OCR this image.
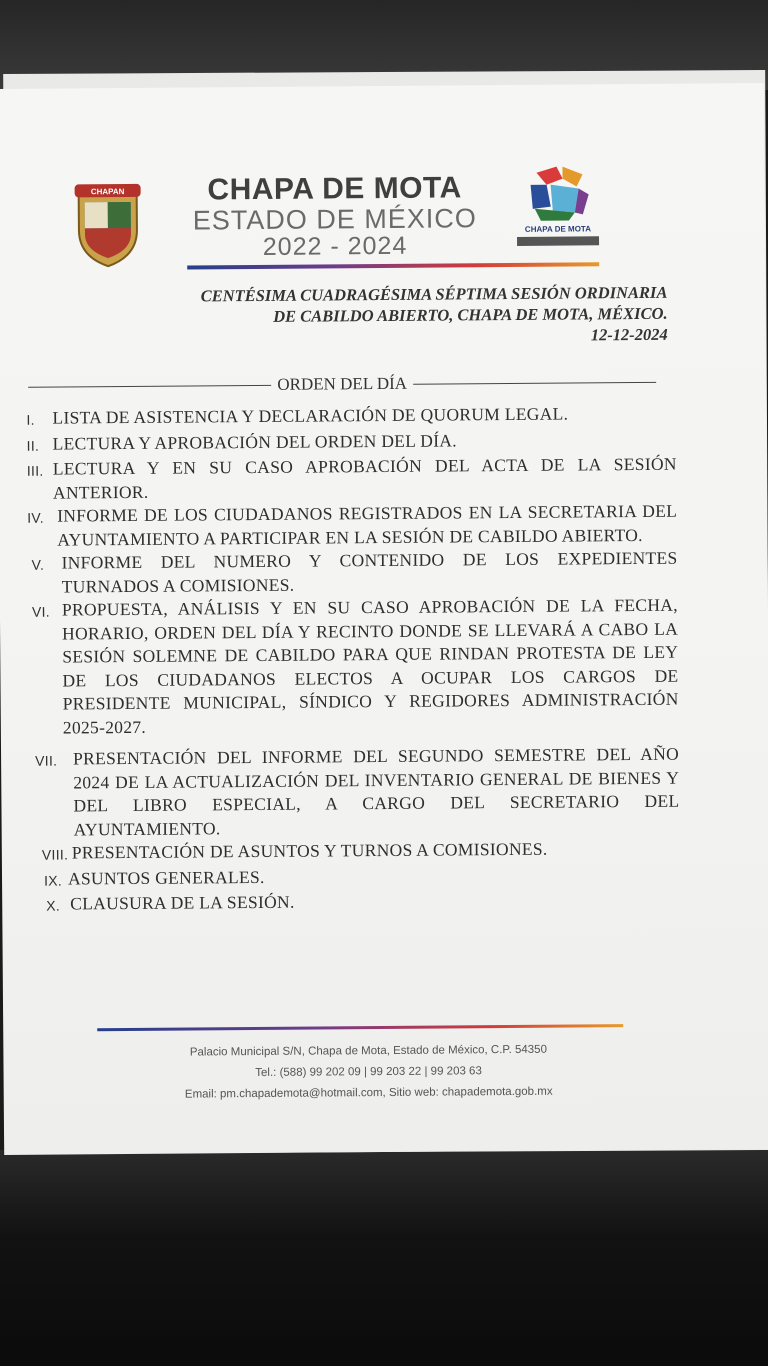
CHAPAN	CHAPA DE MOTA
ESTADO DE MÉXICO
2022 - 2024
CHAPA DE MOTA
CENTÉSIMA CUADRAGÉSIMA SÉPTIMA SESIÓN ORDINARIA
DE CABILDO ABIERTO, CHAPA DE MOTA, MÉXICO.
12-12-2024
ORDEN DEL DÍA
I. LISTA DE ASISTENCIA Y DECLARACIÓN DE QUORUM LEGAL.
II. LECTURA Y APROBACIÓN DEL ORDEN DEL DÍA.
III. LECTURA Y EN SU CASO APROBACIÓN DEL ACTA DE LA SESIÓN ANTERIOR.
IV. INFORME DE LOS CIUDADANOS REGISTRADOS EN LA SECRETARIA DEL AYUNTAMIENTO A PARTICIPAR EN LA SESIÓN DE CABILDO ABIERTO.
V. INFORME DEL NUMERO Y CONTENIDO DE LOS EXPEDIENTES TURNADOS A COMISIONES.
VI. PROPUESTA, ANÁLISIS Y EN SU CASO APROBACIÓN DE LA FECHA, HORARIO, ORDEN DEL DÍA Y RECINTO DONDE SE LLEVARÁ A CABO LA SESIÓN SOLEMNE DE CABILDO PARA QUE RINDAN PROTESTA DE LEY DE LOS CIUDADANOS ELECTOS A OCUPAR LOS CARGOS DE PRESIDENTE MUNICIPAL, SÍNDICO Y REGIDORES ADMINISTRACIÓN 2025-2027.
VII. PRESENTACIÓN DEL INFORME DEL SEGUNDO SEMESTRE DEL AÑO 2024 DE LA ACTUALIZACIÓN DEL INVENTARIO GENERAL DE BIENES Y DEL LIBRO ESPECIAL, A CARGO DEL SECRETARIO DEL AYUNTAMIENTO.
VIII. PRESENTACIÓN DE ASUNTOS Y TURNOS A COMISIONES.
IX. ASUNTOS GENERALES.
X. CLAUSURA DE LA SESIÓN.
Palacio Municipal S/N, Chapa de Mota, Estado de México, C.P. 54350
Tel.: (588) 99 202 09 | 99 203 22 | 99 203 63
Email: pm.chapademota@hotmail.com, Sitio web: chapademota.gob.mx
